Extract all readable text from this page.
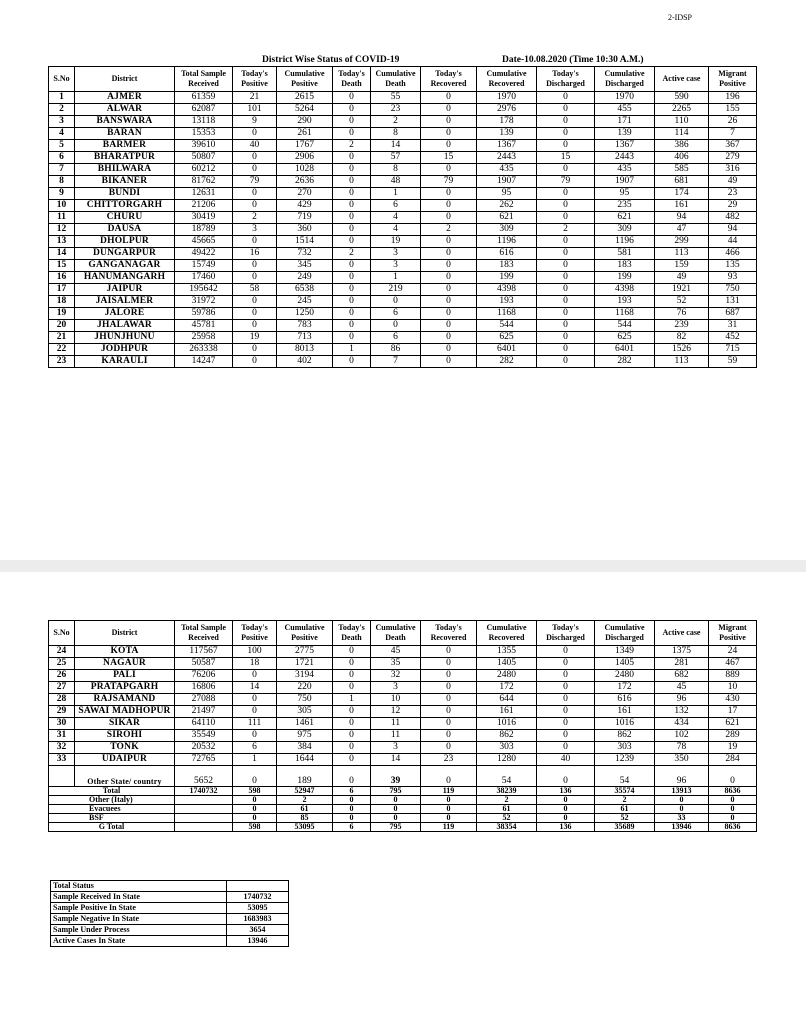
2-IDSP
District Wise Status of COVID-19	Date-10.08.2020 (Time 10:30 A.M.)
S.No	District	Total Sample Received	Today's Positive	Cumulative Positive	Today's Death	Cumulative Death	Today's Recovered	Cumulative Recovered	Today's Discharged	Cumulative Discharged	Active case	Migrant Positive
1	AJMER	61359	21	2615	0	55	0	1970	0	1970	590	196
2	ALWAR	62087	101	5264	0	23	0	2976	0	455	2265	155
3	BANSWARA	13118	9	290	0	2	0	178	0	171	110	26
4	BARAN	15353	0	261	0	8	0	139	0	139	114	7
5	BARMER	39610	40	1767	2	14	0	1367	0	1367	386	367
6	BHARATPUR	50807	0	2906	0	57	15	2443	15	2443	406	279
7	BHILWARA	60212	0	1028	0	8	0	435	0	435	585	316
8	BIKANER	81762	79	2636	0	48	79	1907	79	1907	681	49
9	BUNDI	12631	0	270	0	1	0	95	0	95	174	23
10	CHITTORGARH	21206	0	429	0	6	0	262	0	235	161	29
11	CHURU	30419	2	719	0	4	0	621	0	621	94	482
12	DAUSA	18789	3	360	0	4	2	309	2	309	47	94
13	DHOLPUR	45665	0	1514	0	19	0	1196	0	1196	299	44
14	DUNGARPUR	49422	16	732	2	3	0	616	0	581	113	466
15	GANGANAGAR	15749	0	345	0	3	0	183	0	183	159	135
16	HANUMANGARH	17460	0	249	0	1	0	199	0	199	49	93
17	JAIPUR	195642	58	6538	0	219	0	4398	0	4398	1921	750
18	JAISALMER	31972	0	245	0	0	0	193	0	193	52	131
19	JALORE	59786	0	1250	0	6	0	1168	0	1168	76	687
20	JHALAWAR	45781	0	783	0	0	0	544	0	544	239	31
21	JHUNJHUNU	25958	19	713	0	6	0	625	0	625	82	452
22	JODHPUR	263338	0	8013	1	86	0	6401	0	6401	1526	715
23	KARAULI	14247	0	402	0	7	0	282	0	282	113	59
S.No	District	Total Sample Received	Today's Positive	Cumulative Positive	Today's Death	Cumulative Death	Today's Recovered	Cumulative Recovered	Today's Discharged	Cumulative Discharged	Active case	Migrant Positive
24	KOTA	117567	100	2775	0	45	0	1355	0	1349	1375	24
25	NAGAUR	50587	18	1721	0	35	0	1405	0	1405	281	467
26	PALI	76206	0	3194	0	32	0	2480	0	2480	682	889
27	PRATAPGARH	16806	14	220	0	3	0	172	0	172	45	10
28	RAJSAMAND	27088	0	750	1	10	0	644	0	616	96	430
29	SAWAI MADHOPUR	21497	0	305	0	12	0	161	0	161	132	17
30	SIKAR	64110	111	1461	0	11	0	1016	0	1016	434	621
31	SIROHI	35549	0	975	0	11	0	862	0	862	102	289
32	TONK	20532	6	384	0	3	0	303	0	303	78	19
33	UDAIPUR	72765	1	1644	0	14	23	1280	40	1239	350	284
	Other State/ country	5652	0	189	0	39	0	54	0	54	96	0
Total		1740732	598	52947	6	795	119	38239	136	35574	13913	8636
Other (Italy)			0	2	0	0	0	2	0	2	0	0
Evacuees			0	61	0	0	0	61	0	61	0	0
BSF			0	85	0	0	0	52	0	52	33	0
G Total			598	53095	6	795	119	38354	136	35689	13946	8636
Total Status	
Sample Received In State	1740732
Sample Positive In State	53095
Sample Negative In State	1683983
Sample Under Process	3654
Active Cases In State	13946
